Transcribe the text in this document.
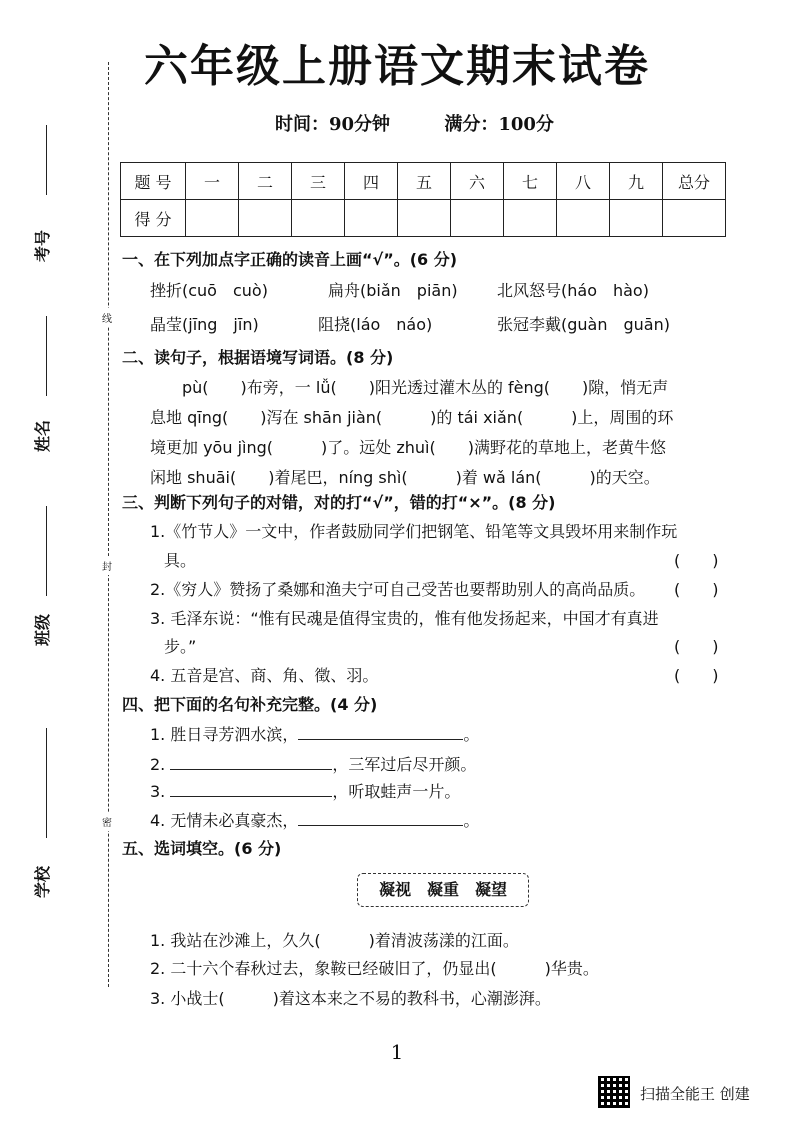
六年级上册语文期末试卷
时间：90分钟	满分：100分
考号
姓名
班级
学校
线
封
密
题 号	一	二	三	四	五	六	七	八	九	总分
得 分										
一、在下列加点字正确的读音上画“√”。(6 分)
挫折(cuō　cuò)	扁舟(biǎn　piān) 北风怒号(háo　hào)
晶莹(jīng　jīn)	阻挠(láo　náo)	张冠李戴(guàn　guān)
二、读句子，根据语境写词语。(8 分)
　　pù(　　)布旁，一 lǚ(　　)阳光透过灌木丛的 fèng(　　)隙，悄无声
息地 qīng(　　)泻在 shān jiàn(　　　)的 tái xiǎn(　　　)上，周围的环
境更加 yōu jìng(　　　)了。远处 zhuì(　　)满野花的草地上，老黄牛悠
闲地 shuāi(　　)着尾巴，níng shì(　　　)着 wǎ lán(　　　)的天空。
三、判断下列句子的对错，对的打“√”，错的打“×”。(8 分)
1.《竹节人》一文中，作者鼓励同学们把钢笔、铅笔等文具毁坏用来制作玩
具。	(　　)
2.《穷人》赞扬了桑娜和渔夫宁可自己受苦也要帮助别人的高尚品质。 (　　)
3. 毛泽东说：“惟有民魂是值得宝贵的，惟有他发扬起来，中国才有真进
步。”	(　　)
4. 五音是宫、商、角、徵、羽。	(　　)
四、把下面的名句补充完整。(4 分)
1. 胜日寻芳泗水滨，	。
2.	，三军过后尽开颜。
3.	，听取蛙声一片。
4. 无情未必真豪杰，	。
五、选词填空。(6 分)
凝视　凝重　凝望
1. 我站在沙滩上，久久(　　　)着清波荡漾的江面。
2. 二十六个春秋过去，象鞍已经破旧了，仍显出(　　　)华贵。
3. 小战士(　　　)着这本来之不易的教科书，心潮澎湃。
1
扫描全能王 创建
